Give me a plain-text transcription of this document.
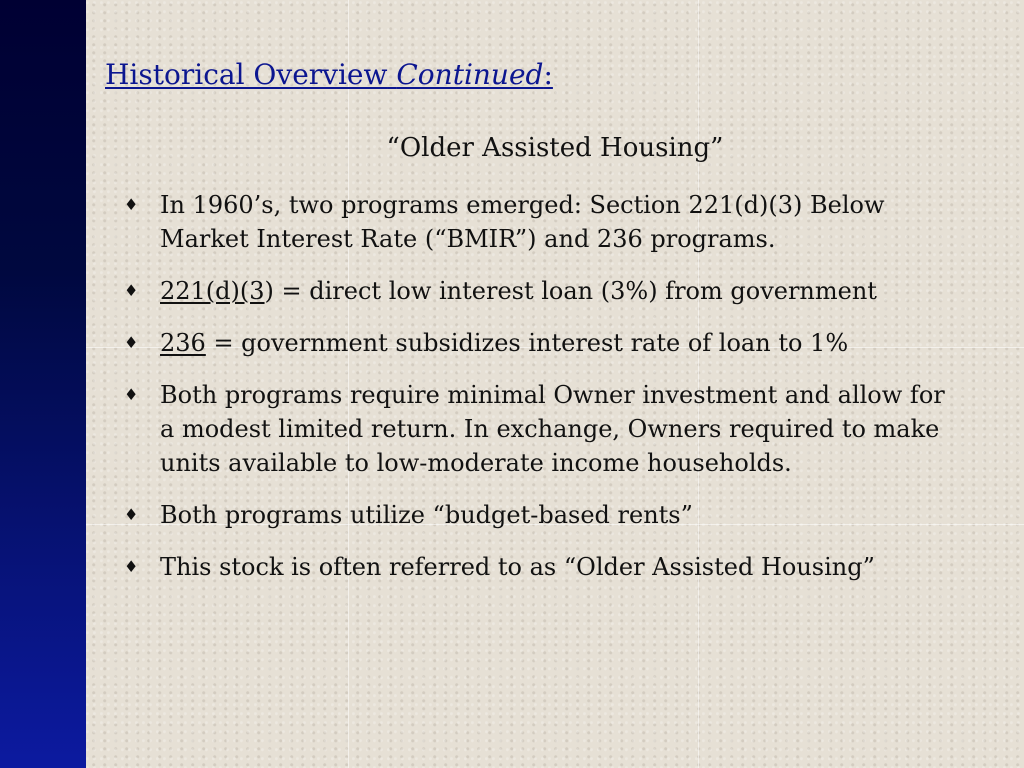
Historical Overview Continued:
“Older Assisted Housing”
♦ In 1960’s, two programs emerged: Section 221(d)(3) Below Market Interest Rate (“BMIR”) and 236 programs.
♦ 221(d)(3) = direct low interest loan (3%) from government
♦ 236 = government subsidizes interest rate of loan to 1%
♦ Both programs require minimal Owner investment and allow for a modest limited return. In exchange, Owners required to make units available to low-moderate income households.
♦ Both programs utilize “budget-based rents”
♦ This stock is often referred to as “Older Assisted Housing”
